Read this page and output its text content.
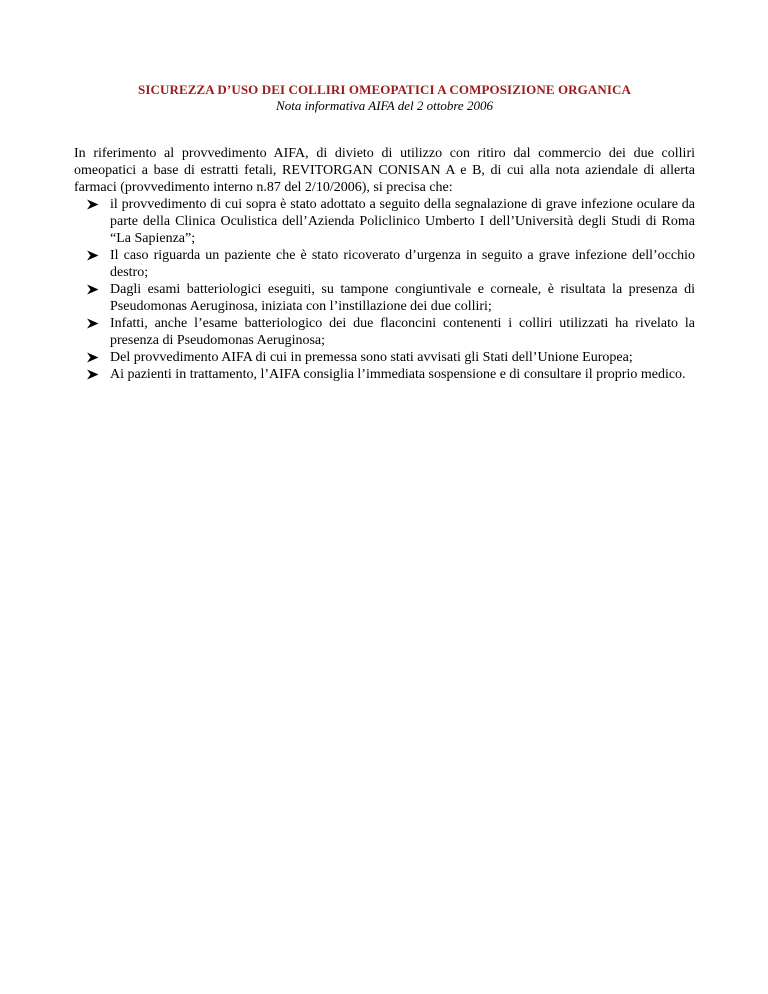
SICUREZZA D’USO DEI COLLIRI OMEOPATICI A COMPOSIZIONE ORGANICA
Nota informativa AIFA del 2 ottobre 2006
In riferimento al provvedimento AIFA, di divieto di utilizzo con ritiro dal commercio dei due colliri omeopatici a base di estratti fetali, REVITORGAN CONISAN A e B, di cui alla nota aziendale di allerta farmaci (provvedimento interno n.87 del 2/10/2006), si precisa che:
il provvedimento di cui sopra è stato adottato a seguito della segnalazione di grave infezione oculare da parte della Clinica Oculistica dell’Azienda Policlinico Umberto I dell’Università degli Studi di Roma “La Sapienza”;
Il caso riguarda un paziente che è stato ricoverato d’urgenza in seguito a grave infezione dell’occhio destro;
Dagli esami batteriologici eseguiti, su tampone congiuntivale e corneale, è risultata la presenza di Pseudomonas Aeruginosa, iniziata con l’instillazione dei due colliri;
Infatti, anche l’esame batteriologico dei due flaconcini contenenti i colliri utilizzati ha rivelato la presenza di Pseudomonas Aeruginosa;
Del provvedimento AIFA di cui in premessa sono stati avvisati gli Stati dell’Unione Europea;
Ai pazienti in trattamento, l’AIFA consiglia l’immediata sospensione e di consultare il proprio medico.
